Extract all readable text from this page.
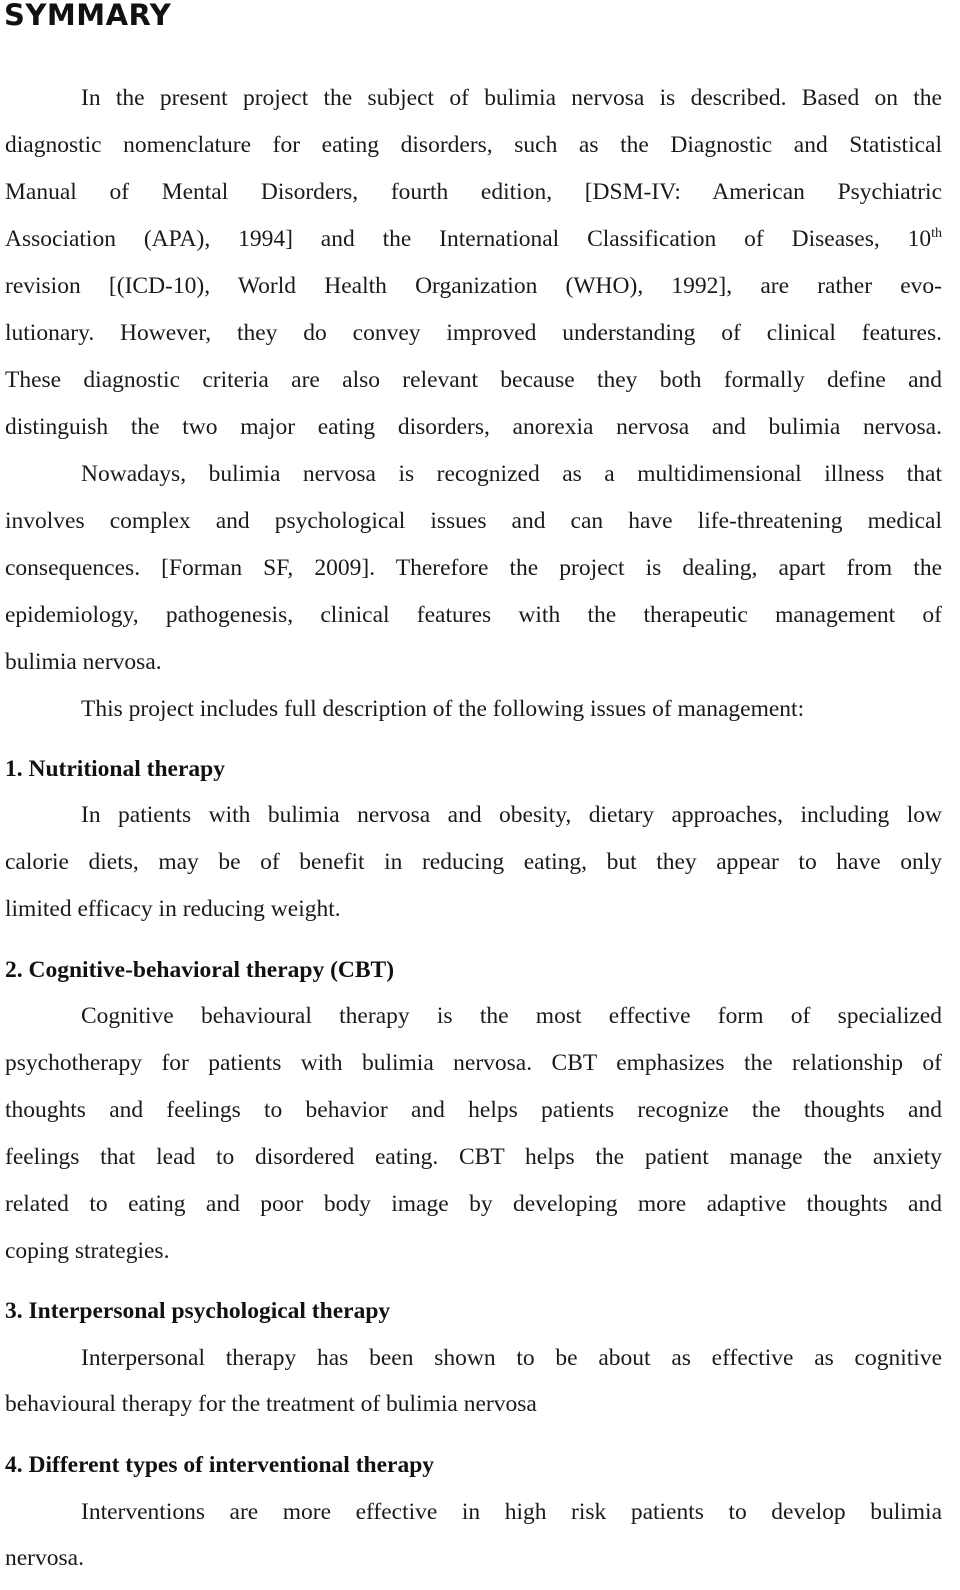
SYMMARY

In the present project the subject of bulimia nervosa is described. Based on the

diagnostic nomenclature for eating disorders, such as the Diagnostic and Statistical

Manual of Mental Disorders, fourth edition, [DSM-IV: American Psychiatric

Association (APA), 1994] and the International Classification of Diseases, 10th

revision [(ICD-10), World Health Organization (WHO), 1992], are rather evo-

lutionary. However, they do convey improved understanding of clinical features.

These diagnostic criteria are also relevant because they both formally define and

distinguish the two major eating disorders, anorexia nervosa and bulimia nervosa.

Nowadays, bulimia nervosa is recognized as a multidimensional illness that

involves complex and psychological issues and can have life-threatening medical

consequences. [Forman SF, 2009]. Therefore the project is dealing, apart from the

epidemiology, pathogenesis, clinical features with the therapeutic management of

bulimia nervosa.

This project includes full description of the following issues of management:

1. Nutritional therapy

In patients with bulimia nervosa and obesity, dietary approaches, including low

calorie diets, may be of benefit in reducing eating, but they appear to have only

limited efficacy in reducing weight.

2. Cognitive-behavioral therapy (CBT)

Cognitive behavioural therapy is the most effective form of specialized

psychotherapy for patients with bulimia nervosa. CBT emphasizes the relationship of

thoughts and feelings to behavior and helps patients recognize the thoughts and

feelings that lead to disordered eating. CBT helps the patient manage the anxiety

related to eating and poor body image by developing more adaptive thoughts and

coping strategies.

3. Interpersonal psychological therapy

Interpersonal therapy has been shown to be about as effective as cognitive

behavioural therapy for the treatment of bulimia nervosa

4. Different types of interventional therapy

Interventions are more effective in high risk patients to develop bulimia

nervosa.
